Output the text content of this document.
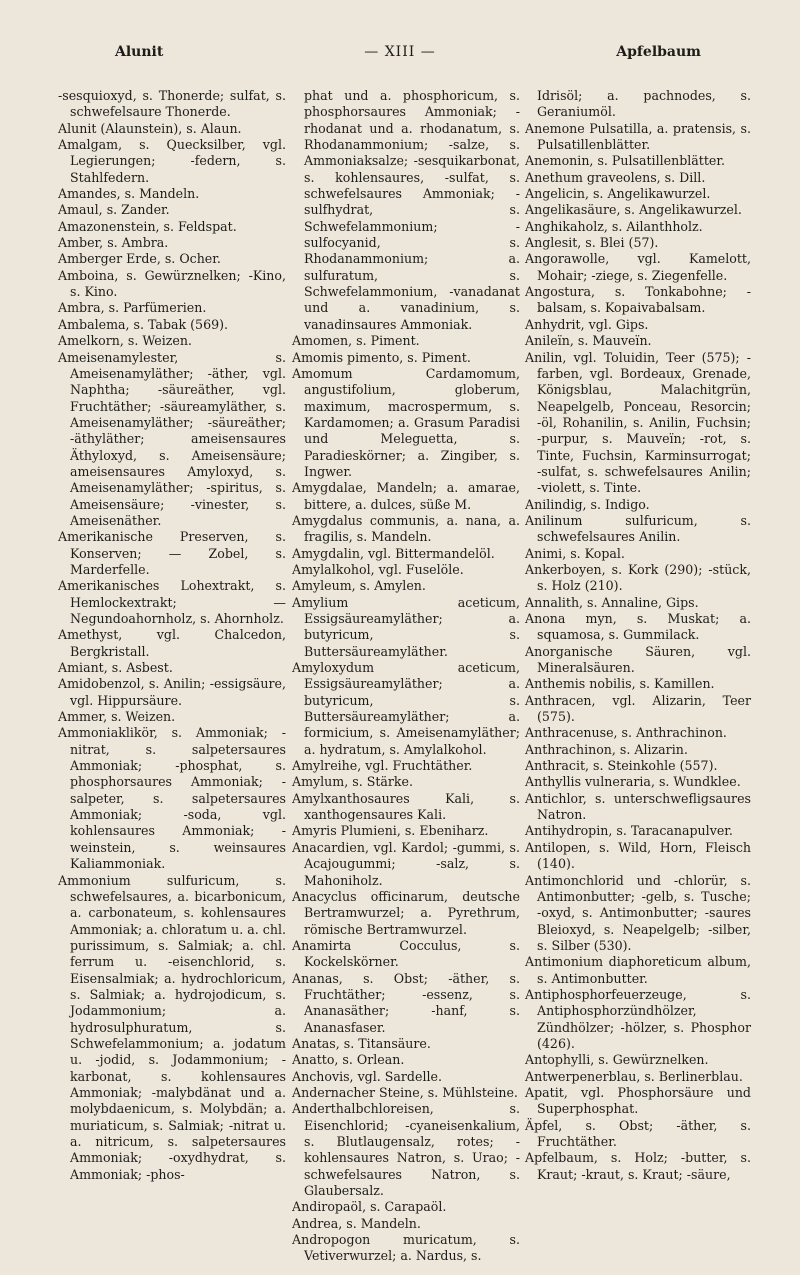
Alunit	— XIII —	Apfelbaum

-sesquioxyd, s. Thonerde; sulfat, s. schwefelsaure Thonerde.

Alunit (Alaunstein), s. Alaun.

Amalgam, s. Quecksilber, vgl. Legierungen; -federn, s. Stahlfedern.

Amandes, s. Mandeln.

Amaul, s. Zander.

Amazonenstein, s. Feldspat.

Amber, s. Ambra.

Amberger Erde, s. Ocher.

Amboina, s. Gewürznelken; -Kino, s. Kino.

Ambra, s. Parfümerien.

Ambalema, s. Tabak (569).

Amelkorn, s. Weizen.

Ameisenamylester, s. Ameisenamyläther; -äther, vgl. Naphtha; -säureäther, vgl. Fruchtäther; -säureamyläther, s. Ameisenamyläther; -säureäther; -äthyläther; ameisensaures Äthyloxyd, s. Ameisensäure; ameisensaures Amyloxyd, s. Ameisenamyläther; -spiritus, s. Ameisensäure; -vinester, s. Ameisenäther.

Amerikanische Preserven, s. Konserven; — Zobel, s. Marderfelle.

Amerikanisches Lohextrakt, s. Hemlockextrakt; — Negundoahornholz, s. Ahornholz.

Amethyst, vgl. Chalcedon, Bergkristall.

Amiant, s. Asbest.

Amidobenzol, s. Anilin; -essigsäure, vgl. Hippursäure.

Ammer, s. Weizen.

Ammoniaklikör, s. Ammoniak; -nitrat, s. salpetersaures Ammoniak; -phosphat, s. phosphorsaures Ammoniak; -salpeter, s. salpetersaures Ammoniak; -soda, vgl. kohlensaures Ammoniak; -weinstein, s. weinsaures Kaliammoniak.

Ammonium sulfuricum, s. schwefelsaures, a. bicarbonicum, a. carbonateum, s. kohlensaures Ammoniak; a. chloratum u. a. chl. purissimum, s. Salmiak; a. chl. ferrum u. -eisenchlorid, s. Eisensalmiak; a. hydrochloricum, s. Salmiak; a. hydrojodicum, s. Jodammonium; a. hydrosulphuratum, s. Schwefelammonium; a. jodatum u. -jodid, s. Jodammonium; -karbonat, s. kohlensaures Ammoniak; -malybdänat und a. molybdaenicum, s. Molybdän; a. muriaticum, s. Salmiak; -nitrat u. a. nitricum, s. salpetersaures Ammoniak; -oxydhydrat, s. Ammoniak; -phos-

phat und a. phosphoricum, s. phosphorsaures Ammoniak; -rhodanat und a. rhodanatum, s. Rhodanammonium; -salze, s. Ammoniaksalze; -sesquikarbonat, s. kohlensaures, -sulfat, s. schwefelsaures Ammoniak; -sulfhydrat, s. Schwefelammonium; -sulfocyanid, s. Rhodanammonium; a. sulfuratum, s. Schwefelammonium, -vanadanat und a. vanadinium, s. vanadinsaures Ammoniak.

Amomen, s. Piment.

Amomis pimento, s. Piment.

Amomum Cardamomum, angustifolium, globerum, maximum, macrospermum, s. Kardamomen; a. Grasum Paradisi und Meleguetta, s. Paradieskörner; a. Zingiber, s. Ingwer.

Amygdalae, Mandeln; a. amarae, bittere, a. dulces, süße M.

Amygdalus communis, a. nana, a. fragilis, s. Mandeln.

Amygdalin, vgl. Bittermandelöl.

Amylalkohol, vgl. Fuselöle.

Amyleum, s. Amylen.

Amylium aceticum, Essigsäureamyläther; a. butyricum, s. Buttersäureamyläther.

Amyloxydum aceticum, Essigsäureamyläther; a. butyricum, s. Buttersäureamyläther; a. formicium, s. Ameisenamyläther; a. hydratum, s. Amylalkohol.

Amylreihe, vgl. Fruchtäther.

Amylum, s. Stärke.

Amylxanthosaures Kali, s. xanthogensaures Kali.

Amyris Plumieni, s. Ebeniharz.

Anacardien, vgl. Kardol; -gummi, s. Acajougummi; -salz, s. Mahoniholz.

Anacyclus officinarum, deutsche Bertramwurzel; a. Pyrethrum, römische Bertramwurzel.

Anamirta Cocculus, s. Kockelskörner.

Ananas, s. Obst; -äther, s. Fruchtäther; -essenz, s. Ananasäther; -hanf, s. Ananasfaser.

Anatas, s. Titansäure.

Anatto, s. Orlean.

Anchovis, vgl. Sardelle.

Andernacher Steine, s. Mühlsteine.

Anderthalbchloreisen, s. Eisenchlorid; -cyaneisenkalium, s. Blutlaugensalz, rotes; -kohlensaures Natron, s. Urao; -schwefelsaures Natron, s. Glaubersalz.

Andiropaöl, s. Carapaöl.

Andrea, s. Mandeln.

Andropogon muricatum, s. Vetiverwurzel; a. Nardus, s.

Idrisöl; a. pachnodes, s. Geraniumöl.

Anemone Pulsatilla, a. pratensis, s. Pulsatillenblätter.

Anemonin, s. Pulsatillenblätter.

Anethum graveolens, s. Dill.

Angelicin, s. Angelikawurzel.

Angelikasäure, s. Angelikawurzel.

Anghikaholz, s. Ailanthholz.

Anglesit, s. Blei (57).

Angorawolle, vgl. Kamelott, Mohair; -ziege, s. Ziegenfelle.

Angostura, s. Tonkabohne; -balsam, s. Kopaivabalsam.

Anhydrit, vgl. Gips.

Anileïn, s. Mauveïn.

Anilin, vgl. Toluidin, Teer (575); -farben, vgl. Bordeaux, Grenade, Königsblau, Malachitgrün, Neapelgelb, Ponceau, Resorcin; -öl, Rohanilin, s. Anilin, Fuchsin; -purpur, s. Mauveïn; -rot, s. Tinte, Fuchsin, Karminsurrogat; -sulfat, s. schwefelsaures Anilin; -violett, s. Tinte.

Anilindig, s. Indigo.

Anilinum sulfuricum, s. schwefelsaures Anilin.

Animi, s. Kopal.

Ankerboyen, s. Kork (290); -stück, s. Holz (210).

Annalith, s. Annaline, Gips.

Anona myn, s. Muskat; a. squamosa, s. Gummilack.

Anorganische Säuren, vgl. Mineralsäuren.

Anthemis nobilis, s. Kamillen.

Anthracen, vgl. Alizarin, Teer (575).

Anthracenuse, s. Anthrachinon.

Anthrachinon, s. Alizarin.

Anthracit, s. Steinkohle (557).

Anthyllis vulneraria, s. Wundklee.

Antichlor, s. unterschwefligsaures Natron.

Antihydropin, s. Taracanapulver.

Antilopen, s. Wild, Horn, Fleisch (140).

Antimonchlorid und -chlorür, s. Antimonbutter; -gelb, s. Tusche; -oxyd, s. Antimonbutter; -saures Bleioxyd, s. Neapelgelb; -silber, s. Silber (530).

Antimonium diaphoreticum album, s. Antimonbutter.

Antiphosphorfeuerzeuge, s. Antiphosphorzündhölzer, Zündhölzer; -hölzer, s. Phosphor (426).

Antophylli, s. Gewürznelken.

Antwerpenerblau, s. Berlinerblau.

Apatit, vgl. Phosphorsäure und Superphosphat.

Äpfel, s. Obst; -äther, s. Fruchtäther.

Apfelbaum, s. Holz; -butter, s. Kraut; -kraut, s. Kraut; -säure,
